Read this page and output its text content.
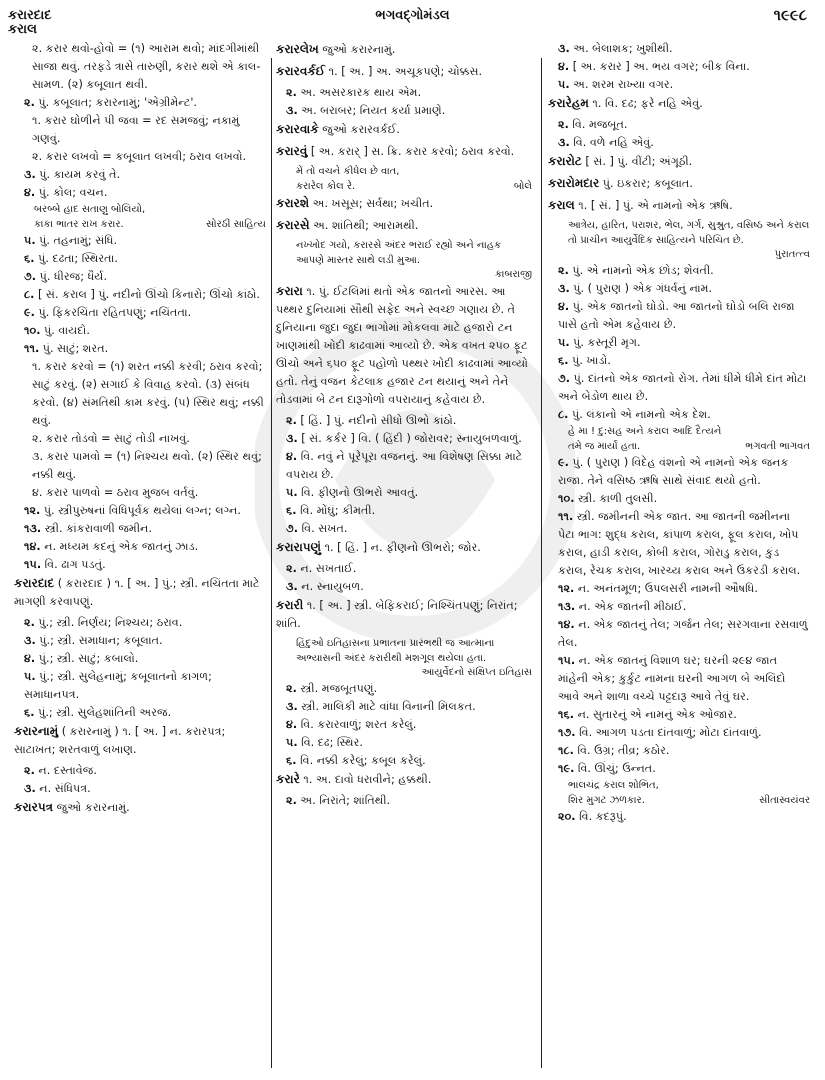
કરારદાદ	ભગવદ્ગોમંડલ	૧૯૯૮
કરાલ
૨. કરાર થવો-હોવો = (૧) આરામ થવો; માંદગીમાંથી સાજા થવું. તરફડે ત્રાસે તારુણી, કરાર થશે એ કાલ-સામળ. (૨) કબૂલાત થવી.
૨. પું. કબૂલાત; કરારનામું; 'એગ્રીમેન્ટ'.
૧. કરાર ઘોળીને પી જવા = રદ સમજવું; નકામું ગણવું.
૨. કરાર લખવો = કબૂલાત લખવી; ઠરાવ લખવો.
૩. પું. કાયમ કરવું તે.
૪. પું. કોલ; વચન.
બરબ્બે હાદ સતાણુ બોલિયો,
કાકા ભાતર રાખ કરાર.	સોરઠી સાહિત્ય
૫. પું. તહનામું; સંધિ.
૬. પું. દઢતા; સ્થિરતા.
૭. પું. ધીરજ; ધૈર્ય.
૮. [ સં. કરાલ ] પું. નદીનો ઊંચો કિનારો; ઊંચો કાંઠો.
૯. પું. ફિકરચિંતા રહિતપણું; નચિંતતા.
૧૦. પું. વાયદો.
૧૧. પું. સાટું; શરત.
૧. કરાર કરવો = (૧) શરત નક્કી કરવી; ઠરાવ કરવો; સાટું કરવું. (૨) સગાઈ કે વિવાહ કરવો. (૩) સંબંધ કરવો. (૪) સંમતિથી કામ કરવું. (૫) સ્થિર થવું; નક્કી થવું.
૨. કરાર તોડવો = સાટું તોડી નાખવું.
૩. કરાર પામવો = (૧) નિશ્ચય થવો. (૨) સ્થિર થવું; નક્કી થવું.
૪. કરાર પાળવો = ઠરાવ મુજબ વર્તવું.
૧૨. પું. સ્ત્રીપુરુષનાં વિધિપૂર્વક થયેલાં લગ્ન; લગ્ન.
૧૩. સ્ત્રી. કાંકરાવાળી જમીન.
૧૪. ન. મધ્યમ કદનું એક જાતનું ઝાડ.
૧૫. વિ. ઢાગ પડતું.
કરારદાદ ( ક઼રારદાદ ) ૧. [ અ. ] પું.; સ્ત્રી. નચિંતતા માટે માગણી કરવાપણું.
૨. પું.; સ્ત્રી. નિર્ણય; નિશ્ચય; ઠરાવ.
૩. પું.; સ્ત્રી. સમાધાન; કબૂલાત.
૪. પું.; સ્ત્રી. સાટું; કબાલો.
૫. પું.; સ્ત્રી. સુલેહનામું; કબૂલાતનો કાગળ; સમાધાનપત્ર.
૬. પું.; સ્ત્રી. સુલેહશાંતિની અરજ.
કરારનામું ( ક઼રારનામું ) ૧. [ અ. ] ન. કરારપત્ર; સાટાખત; શરતવાળું લખાણ.
૨. ન. દસ્તાવેજ.
૩. ન. સંધિપત્ર.
કરારપત્ર જુઓ કરારનામું.
કરારલેખ જુઓ કરારનામું.
કરારવર્કઈ ૧. [ અ. ] અ. અચૂકપણે; ચોક્કસ.
૨. અ. અસરકારક થાય એમ.
૩. અ. બરાબર; નિયત કર્યા પ્રમાણે.
કરારવાકે જુઓ કરારવર્કઈ.
કરારવું [ અ. કરાર્ ] સ. ક્રિ. કરાર કરવો; ઠરાવ કરવો.
મેં તો વચને કીધેલ છે વાત,
કરારેલ કોલ રે.	બોલે
કરારશે અ. ખસૂસ; સર્વથા; ખચીત.
કરારસે અ. શાંતિથી; આરામથી.
નખ્ખોદ ગયો, કરારસે અંદર ભરાઈ રહ્યો અને નાહક આપણે માસ્તર સાથે લડી મુઆ.
કાબરાજી
કરારા ૧. પું. ઈટલિમાં થતો એક જાતનો આરસ. આ પથ્થર દુનિયામાં સૌથી સફેદ અને સ્વચ્છ ગણાય છે. તે દુનિયાના જુદા જુદા ભાગોમાં મોકલવા માટે હજારો ટન ખાણમાંથી ખોદી કાઢવામાં આવ્યો છે. એક વખત ૨૫૦ ફૂટ ઊંચો અને ૬૫૦ ફૂટ પહોળો પથ્થર ખોદી કાઢવામાં આવ્યો હતો. તેનું વજન કેટલાક હજાર ટન થયાનું અને તેને તોડવામાં બે ટન દારૂગોળો વપરાયાનું કહેવાય છે.
૨. [ હિં. ] પું. નદીનો સીધો ઊભો કાંઠો.
૩. [ સં. કર્કર ] વિ. ( હિંદી ) જોરાવર; સ્નાયુબળવાળું.
૪. વિ. નવું ને પૂરેપૂરા વજનનું. આ વિશેષણ સિક્કા માટે વપરાય છે.
૫. વિ. ફીણનો ઊભરો આવતું.
૬. વિ. મોંઘું; કીમતી.
૭. વિ. સખત.
કરારાપણું ૧. [ હિં. ] ન. ફીણનો ઊભરો; જોર.
૨. ન. સખતાઈ.
૩. ન. સ્નાયુબળ.
કરારી ૧. [ અ. ] સ્ત્રી. બેફિકરાઈ; નિશ્ચિંતપણું; નિરાંત; શાંતિ.
હિંદુઓ ઇતિહાસના પ્રભાતના પ્રારંભથી જ આત્માના અભ્યાસની અંદર કરારીથી મશગૂલ થયેલા હતા.
આયુર્વેદનો સંક્ષિપ્ત ઇતિહાસ
૨. સ્ત્રી. મજબૂતપણું.
૩. સ્ત્રી. માલિકી માટે વાંધા વિનાની મિલકત.
૪. વિ. કરારવાળું; શરત કરેલું.
૫. વિ. દઢ; સ્થિર.
૬. વિ. નક્કી કરેલું; કબૂલ કરેલું.
કરારે ૧. અ. દાવો ધરાવીને; હક્કથી.
૨. અ. નિરાંતે; શાંતિથી.
૩. અ. બેલાશક; ખુશીથી.
૪. [ અ. કરાર ] અ. ભય વગર; બીક વિના.
૫. અ. શરમ રાખ્યા વગર.
કરારેહમ ૧. વિ. દઢ; ફરે નહિ એવું.
૨. વિ. મજબૂત.
૩. વિ. વળે નહિ એવું.
કરારોટ [ સં. ] પું. વીંટી; અંગૂઠી.
કરારોમદાર પું. ઇકરાર; કબૂલાત.
કરાલ ૧. [ સં. ] પું. એ નામનો એક ઋષિ.
આત્રેય, હારિત, પરાશર, ભેલ, ગર્ગ, સુશ્રુત, વસિષ્ઠ અને કરાલ તો પ્રાચીન આયુર્વેદિક સાહિત્યને પરિચિત છે.
પુરાતત્ત્વ
૨. પું. એ નામનો એક છોડ; શેવંતી.
૩. પું. ( પુરાણ ) એક ગંધર્વનું નામ.
૪. પું. એક જાતનો ઘોડો. આ જાતનો ઘોડો બલિ રાજા પાસે હતો એમ કહેવાય છે.
૫. પું. કસ્તૂરી મૃગ.
૬. પું. ખાડો.
૭. પું. દાંતનો એક જાતનો રોગ. તેમાં ધીમે ધીમે દાંત મોટા અને બેડોળ થાય છે.
૮. પું. લંકાનો એ નામનો એક દેશ.
હે મા ! દુ:સહ અને કરાલ આદિ દૈત્યને
તમે જ માર્યાં હતા.	ભગવતી ભાગવત
૯. પું. ( પુરાણ ) વિદેહ વંશનો એ નામનો એક જનક રાજા. તેને વસિષ્ઠ ઋષિ સાથે સંવાદ થયો હતો.
૧૦. સ્ત્રી. કાળી તુલસી.
૧૧. સ્ત્રી. જમીનની એક જાત. આ જાતની જમીનના પેટા ભાગ: શુદ્ધ કરાલ, કાંપાળ કરાલ, ફૂલ કરાલ, ખોપ કરાલ, હાડી કરાલ, કોબી કરાલ, ગોરાડુ કરાલ, કુંડ કરાલ, રેચક કરાલ, ખારચ્ય કરાલ અને ઉકરડી કરાલ.
૧૨. ન. અનંતમૂળ; ઉપલસરી નામની ઔષધિ.
૧૩. ન. એક જાતની મીઠાઈ.
૧૪. ન. એક જાતનું તેલ; ગર્જન તેલ; સરગવાના રસવાળું તેલ.
૧૫. ન. એક જાતનું વિશાળ ઘર; ઘરની ૨૯૪ જાત માંહેની એક; કુર્કુટ નામના ઘરની આગળ બે અલિંદો આવે અને શાળા વચ્ચે પટ્ટદારૂ આવે તેવું ઘર.
૧૬. ન. સુતારનું એ નામનું એક ઓજાર.
૧૭. વિ. આગળ પડતા દાંતવાળું; મોટા દાંતવાળું.
૧૮. વિ. ઉગ્ર; તીવ્ર; કઠોર.
૧૯. વિ. ઊંચું; ઉન્નત.
ભાલચંદ્ર કરાલ શોભિત,
શિર મુગટ ઝળકાર.	સીતાસ્વયંવર
૨૦. વિ. કદરૂપું.
